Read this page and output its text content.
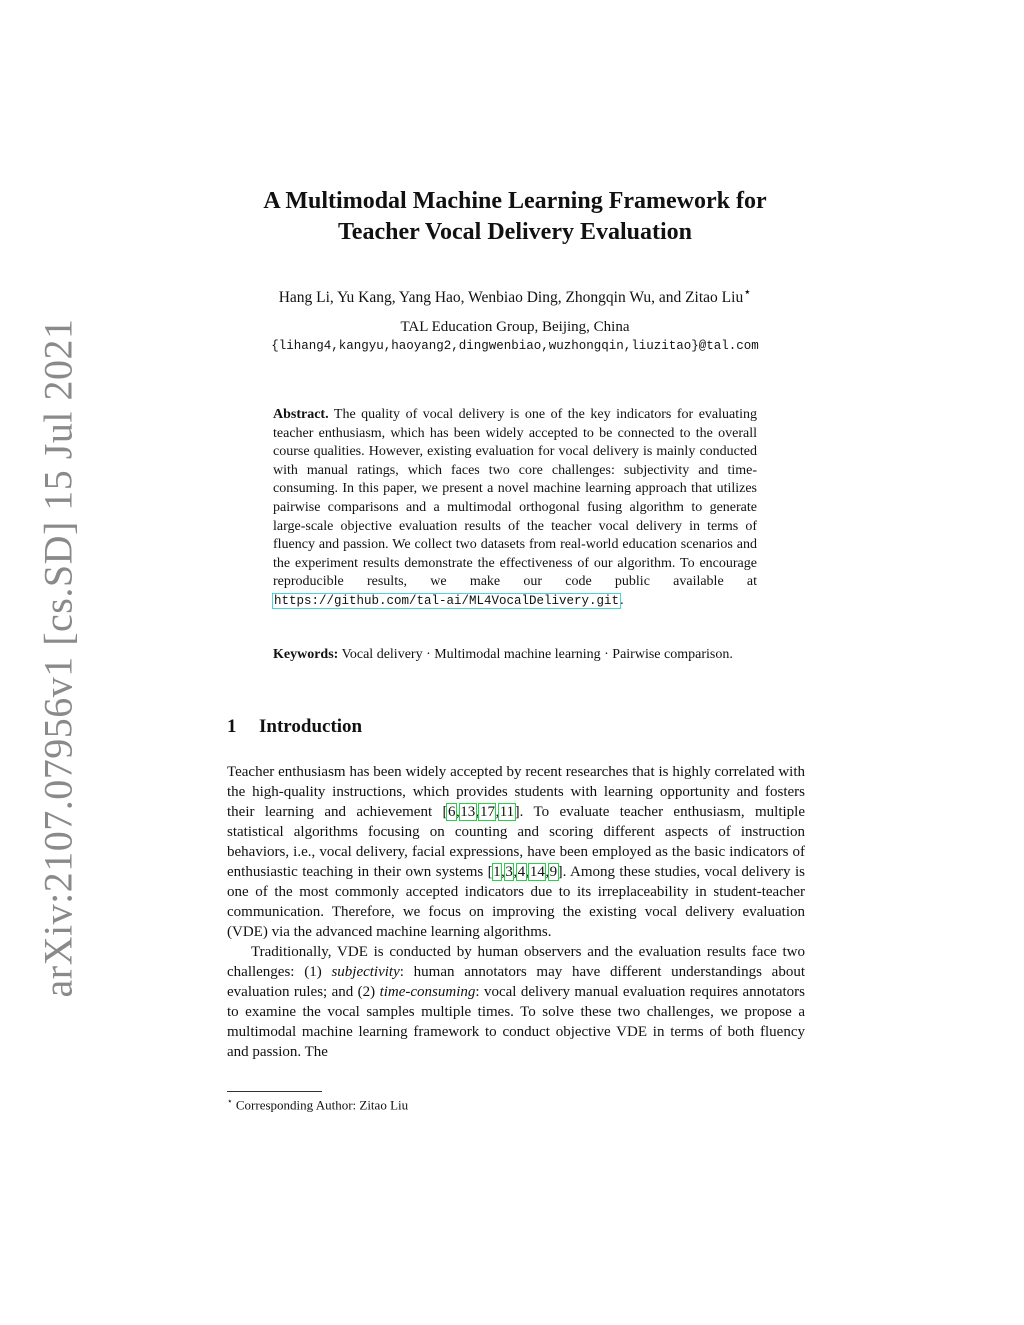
arXiv:2107.07956v1 [cs.SD] 15 Jul 2021
A Multimodal Machine Learning Framework for
Teacher Vocal Delivery Evaluation
Hang Li, Yu Kang, Yang Hao, Wenbiao Ding, Zhongqin Wu, and Zitao Liu⋆
TAL Education Group, Beijing, China
{lihang4,kangyu,haoyang2,dingwenbiao,wuzhongqin,liuzitao}@tal.com
Abstract. The quality of vocal delivery is one of the key indicators for evaluating teacher enthusiasm, which has been widely accepted to be connected to the overall course qualities. However, existing evaluation for vocal delivery is mainly conducted with manual ratings, which faces two core challenges: subjectivity and time-consuming. In this paper, we present a novel machine learning approach that utilizes pairwise comparisons and a multimodal orthogonal fusing algorithm to generate large-scale objective evaluation results of the teacher vocal delivery in terms of fluency and passion. We collect two datasets from real-world education scenarios and the experiment results demonstrate the effectiveness of our algorithm. To encourage reproducible results, we make our code public available at https://github.com/tal-ai/ML4VocalDelivery.git.
Keywords: Vocal delivery · Multimodal machine learning · Pairwise comparison.
1 Introduction

Teacher enthusiasm has been widely accepted by recent researches that is highly correlated with the high-quality instructions, which provides students with learning opportunity and fosters their learning and achievement [6,13,17,11]. To evaluate teacher enthusiasm, multiple statistical algorithms focusing on counting and scoring different aspects of instruction behaviors, i.e., vocal delivery, facial expressions, have been employed as the basic indicators of enthusiastic teaching in their own systems [1,3,4,14,9]. Among these studies, vocal delivery is one of the most commonly accepted indicators due to its irreplaceability in student-teacher communication. Therefore, we focus on improving the existing vocal delivery evaluation (VDE) via the advanced machine learning algorithms.

Traditionally, VDE is conducted by human observers and the evaluation results face two challenges: (1) subjectivity: human annotators may have different understandings about evaluation rules; and (2) time-consuming: vocal delivery manual evaluation requires annotators to examine the vocal samples multiple times. To solve these two challenges, we propose a multimodal machine learning framework to conduct objective VDE in terms of both fluency and passion. The

⋆ Corresponding Author: Zitao Liu
